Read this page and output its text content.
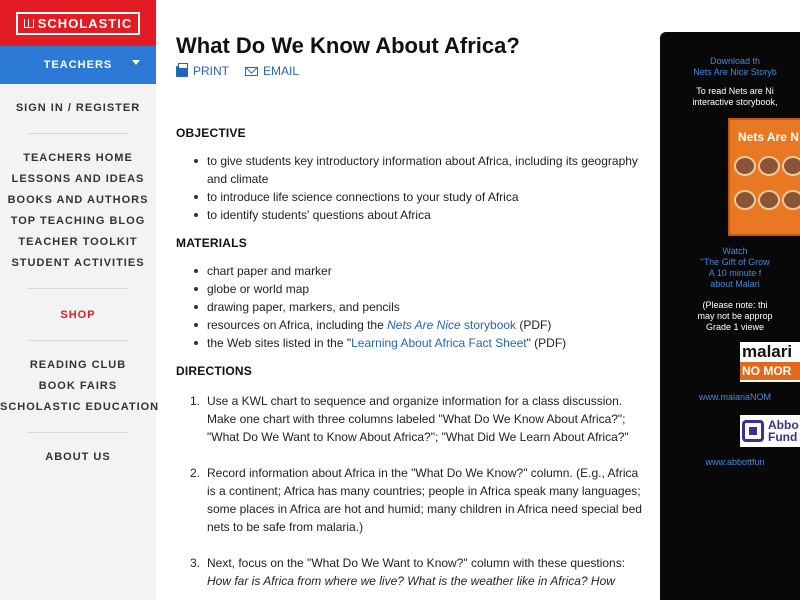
SCHOLASTIC
TEACHERS
SIGN IN / REGISTER
TEACHERS HOME
LESSONS AND IDEAS
BOOKS AND AUTHORS
TOP TEACHING BLOG
TEACHER TOOLKIT
STUDENT ACTIVITIES
SHOP
READING CLUB
BOOK FAIRS
SCHOLASTIC EDUCATION
ABOUT US
What Do We Know About Africa?
PRINT	EMAIL
OBJECTIVE
to give students key introductory information about Africa, including its geography and climate
to introduce life science connections to your study of Africa
to identify students' questions about Africa
MATERIALS
chart paper and marker
globe or world map
drawing paper, markers, and pencils
resources on Africa, including the Nets Are Nice storybook (PDF)
the Web sites listed in the "Learning About Africa Fact Sheet" (PDF)
DIRECTIONS
1. Use a KWL chart to sequence and organize information for a class discussion. Make one chart with three columns labeled "What Do We Know About Africa?"; "What Do We Want to Know About Africa?"; "What Did We Learn About Africa?"
2. Record information about Africa in the "What Do We Know?" column. (E.g., Africa is a continent; Africa has many countries; people in Africa speak many languages; some places in Africa are hot and humid; many children in Africa need special bed nets to be safe from malaria.)
3. Next, focus on the "What Do We Want to Know?" column with these questions: How far is Africa from where we live? What is the weather like in Africa? How
Download th
Nets Are Nice Storyb
To read Nets are Ni
interactive storybook,
Nets Are N
Watch
"The Gift of Grow
A 10 minute f
about Malari
(Please note: thi
may not be approp
Grade 1 viewe
malari
NO MOR
www.malariaNOM
Abbo
Fund
www.abbottfun
